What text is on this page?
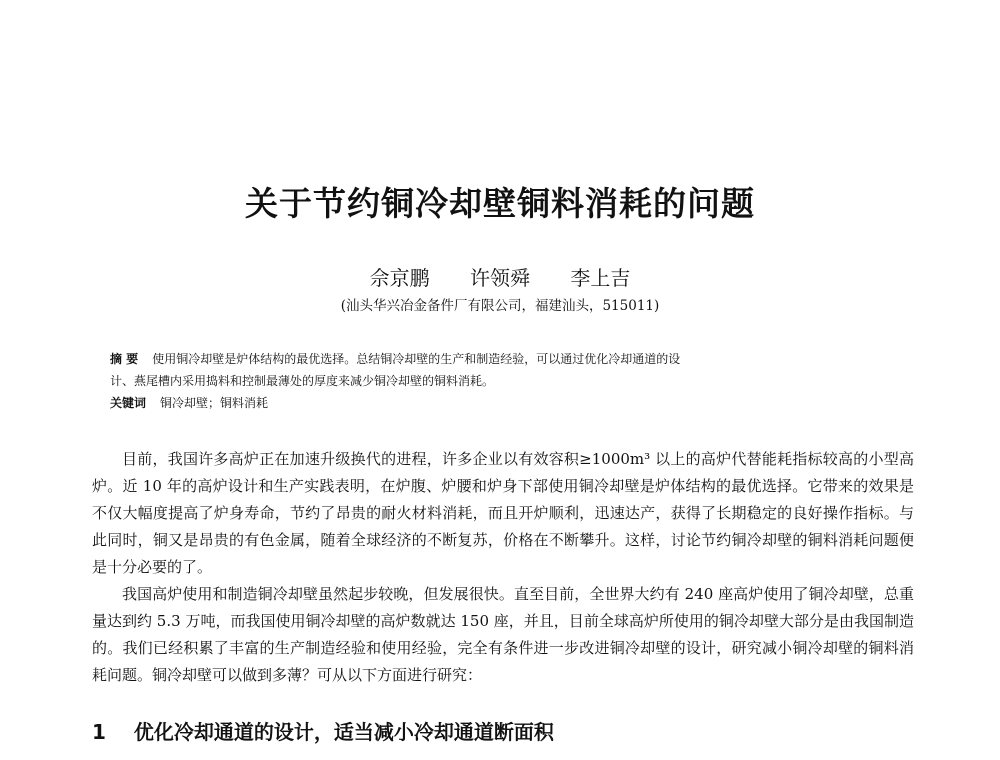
关于节约铜冷却壁铜料消耗的问题
佘京鹏 许领舜 李上吉
(汕头华兴冶金备件厂有限公司，福建汕头，515011)
摘 要 使用铜冷却壁是炉体结构的最优选择。总结铜冷却壁的生产和制造经验，可以通过优化冷却通道的设
计、燕尾槽内采用捣料和控制最薄处的厚度来减少铜冷却壁的铜料消耗。
关键词 铜冷却壁；铜料消耗

目前，我国许多高炉正在加速升级换代的进程，许多企业以有效容积≥1000m³ 以上的高炉代替能耗指标较高的小型高炉。近 10 年的高炉设计和生产实践表明，在炉腹、炉腰和炉身下部使用铜冷却壁是炉体结构的最优选择。它带来的效果是不仅大幅度提高了炉身寿命，节约了昂贵的耐火材料消耗，而且开炉顺利，迅速达产，获得了长期稳定的良好操作指标。与此同时，铜又是昂贵的有色金属，随着全球经济的不断复苏，价格在不断攀升。这样，讨论节约铜冷却壁的铜料消耗问题便是十分必要的了。

我国高炉使用和制造铜冷却壁虽然起步较晚，但发展很快。直至目前，全世界大约有 240 座高炉使用了铜冷却壁，总重量达到约 5.3 万吨，而我国使用铜冷却壁的高炉数就达 150 座，并且，目前全球高炉所使用的铜冷却壁大部分是由我国制造的。我们已经积累了丰富的生产制造经验和使用经验，完全有条件进一步改进铜冷却壁的设计，研究减小铜冷却壁的铜料消耗问题。铜冷却壁可以做到多薄？可从以下方面进行研究：

1 优化冷却通道的设计，适当减小冷却通道断面积
